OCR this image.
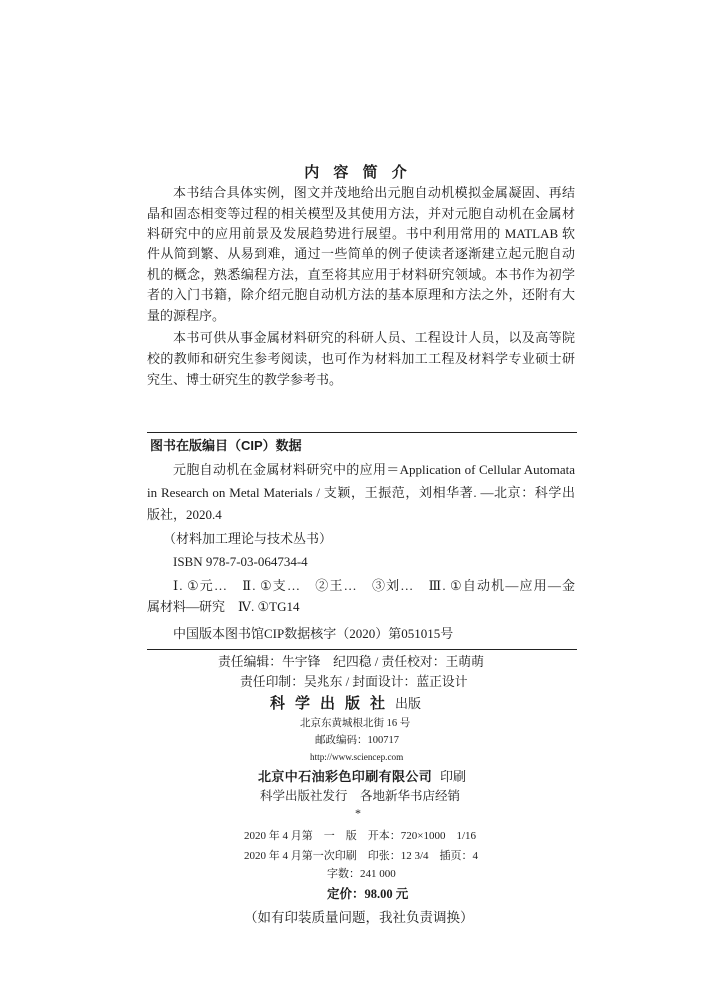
内 容 简 介
本书结合具体实例，图文并茂地给出元胞自动机模拟金属凝固、再结
晶和固态相变等过程的相关模型及其使用方法，并对元胞自动机在金属材
料研究中的应用前景及发展趋势进行展望。书中利用常用的 MATLAB 软
件从简到繁、从易到难，通过一些简单的例子使读者逐渐建立起元胞自动
机的概念，熟悉编程方法，直至将其应用于材料研究领域。本书作为初学
者的入门书籍，除介绍元胞自动机方法的基本原理和方法之外，还附有大
量的源程序。
本书可供从事金属材料研究的科研人员、工程设计人员，以及高等院
校的教师和研究生参考阅读，也可作为材料加工工程及材料学专业硕士研
究生、博士研究生的教学参考书。
图书在版编目（CIP）数据
元胞自动机在金属材料研究中的应用＝Application of Cellular Automata
in Research on Metal Materials / 支颖，王振范，刘相华著. —北京：科学出
版社，2020.4
（材料加工理论与技术丛书）
ISBN 978-7-03-064734-4
Ⅰ. ①元…　Ⅱ. ①支…　②王…　③刘…　Ⅲ. ①自动机—应用—金
属材料—研究　Ⅳ. ①TG14
中国版本图书馆CIP数据核字（2020）第051015号
责任编辑：牛宇锋　纪四稳 / 责任校对：王萌萌
责任印制：吴兆东 / 封面设计：蓝正设计
科学出版社 出版
北京东黄城根北街 16 号
邮政编码：100717
http://www.sciencep.com
北京中石油彩色印刷有限公司 印刷
科学出版社发行　各地新华书店经销
*
2020 年 4 月第　一　版　开本：720×1000　1/16
2020 年 4 月第一次印刷　印张：12 3/4　插页：4
字数：241 000
定价：98.00 元
（如有印装质量问题，我社负责调换）
